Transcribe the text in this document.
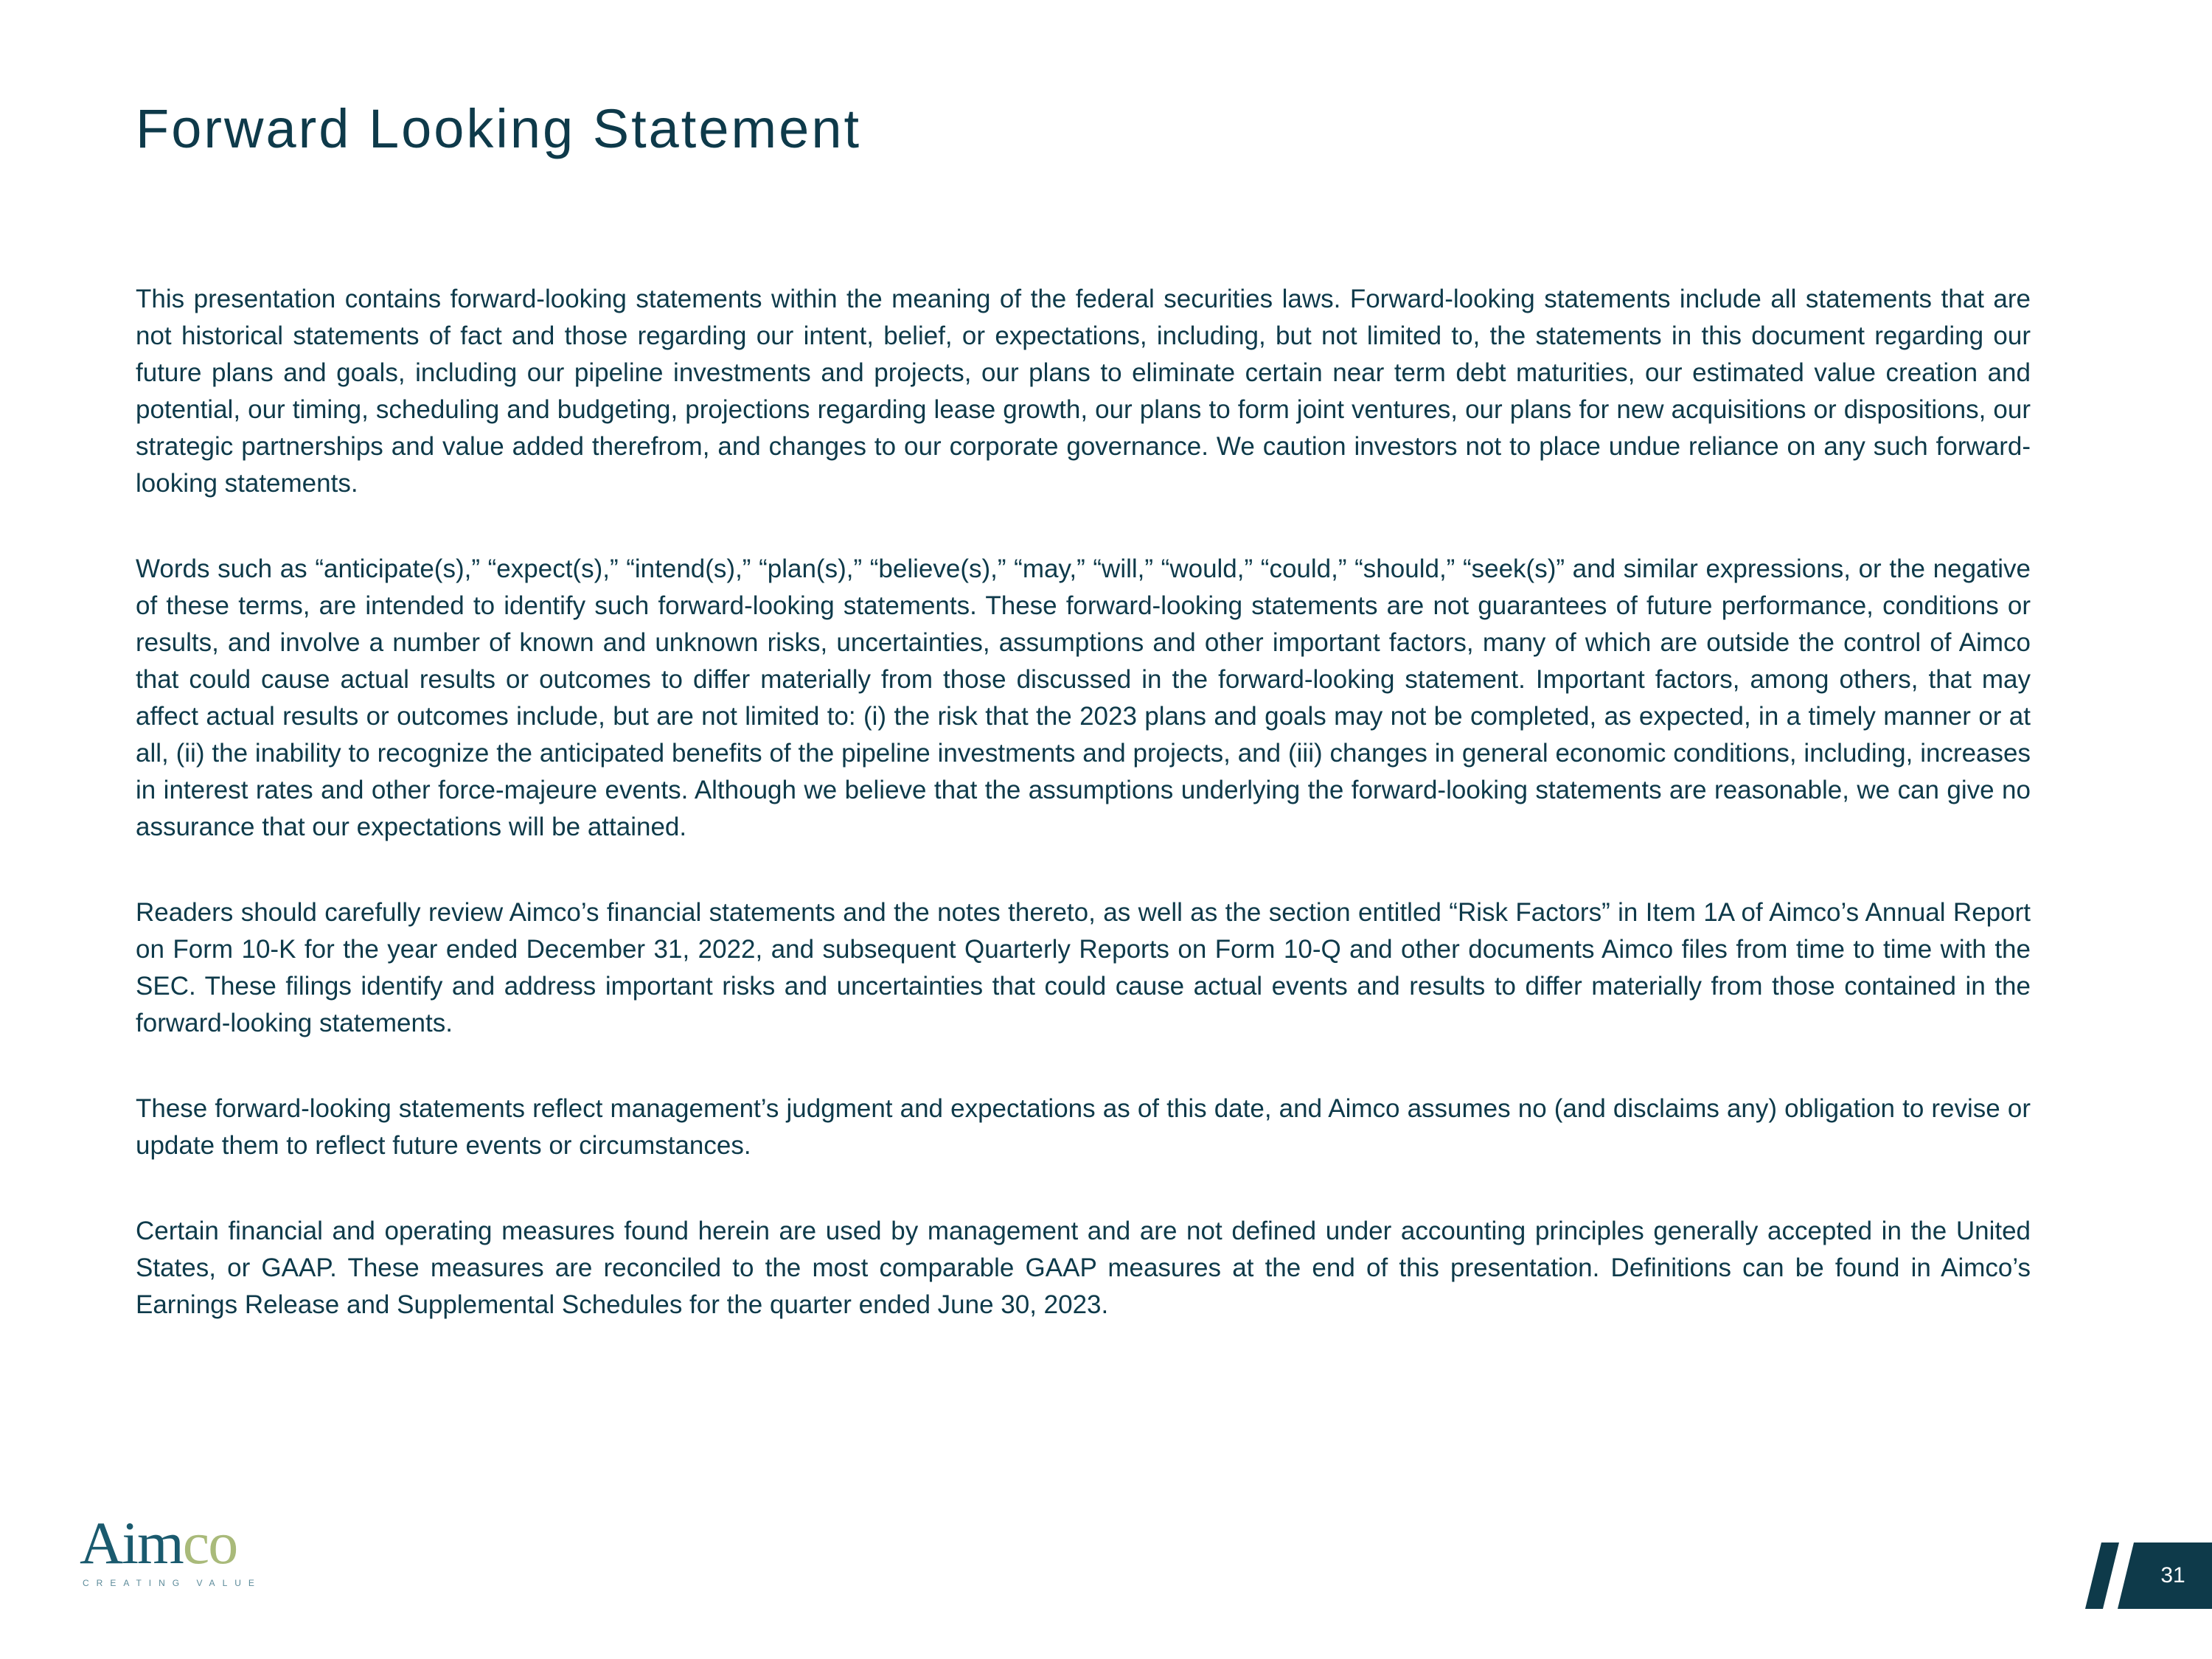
Forward Looking Statement

This presentation contains forward-looking statements within the meaning of the federal securities laws. Forward-looking statements include all statements that are not historical statements of fact and those regarding our intent, belief, or expectations, including, but not limited to, the statements in this document regarding our future plans and goals, including our pipeline investments and projects, our plans to eliminate certain near term debt maturities, our estimated value creation and potential, our timing, scheduling and budgeting, projections regarding lease growth, our plans to form joint ventures, our plans for new acquisitions or dispositions, our strategic partnerships and value added therefrom, and changes to our corporate governance. We caution investors not to place undue reliance on any such forward-looking statements.

Words such as “anticipate(s),” “expect(s),” “intend(s),” “plan(s),” “believe(s),” “may,” “will,” “would,” “could,” “should,” “seek(s)” and similar expressions, or the negative of these terms, are intended to identify such forward-looking statements. These forward-looking statements are not guarantees of future performance, conditions or results, and involve a number of known and unknown risks, uncertainties, assumptions and other important factors, many of which are outside the control of Aimco that could cause actual results or outcomes to differ materially from those discussed in the forward-looking statement. Important factors, among others, that may affect actual results or outcomes include, but are not limited to: (i) the risk that the 2023 plans and goals may not be completed, as expected, in a timely manner or at all, (ii) the inability to recognize the anticipated benefits of the pipeline investments and projects, and (iii) changes in general economic conditions, including, increases in interest rates and other force-majeure events. Although we believe that the assumptions underlying the forward-looking statements are reasonable, we can give no assurance that our expectations will be attained.

Readers should carefully review Aimco’s financial statements and the notes thereto, as well as the section entitled “Risk Factors” in Item 1A of Aimco’s Annual Report on Form 10-K for the year ended December 31, 2022, and subsequent Quarterly Reports on Form 10-Q and other documents Aimco files from time to time with the SEC. These filings identify and address important risks and uncertainties that could cause actual events and results to differ materially from those contained in the forward-looking statements.

These forward-looking statements reflect management’s judgment and expectations as of this date, and Aimco assumes no (and disclaims any) obligation to revise or update them to reflect future events or circumstances.

Certain financial and operating measures found herein are used by management and are not defined under accounting principles generally accepted in the United States, or GAAP. These measures are reconciled to the most comparable GAAP measures at the end of this presentation. Definitions can be found in Aimco’s Earnings Release and Supplemental Schedules for the quarter ended June 30, 2023.

Aimco
CREATING VALUE	31
